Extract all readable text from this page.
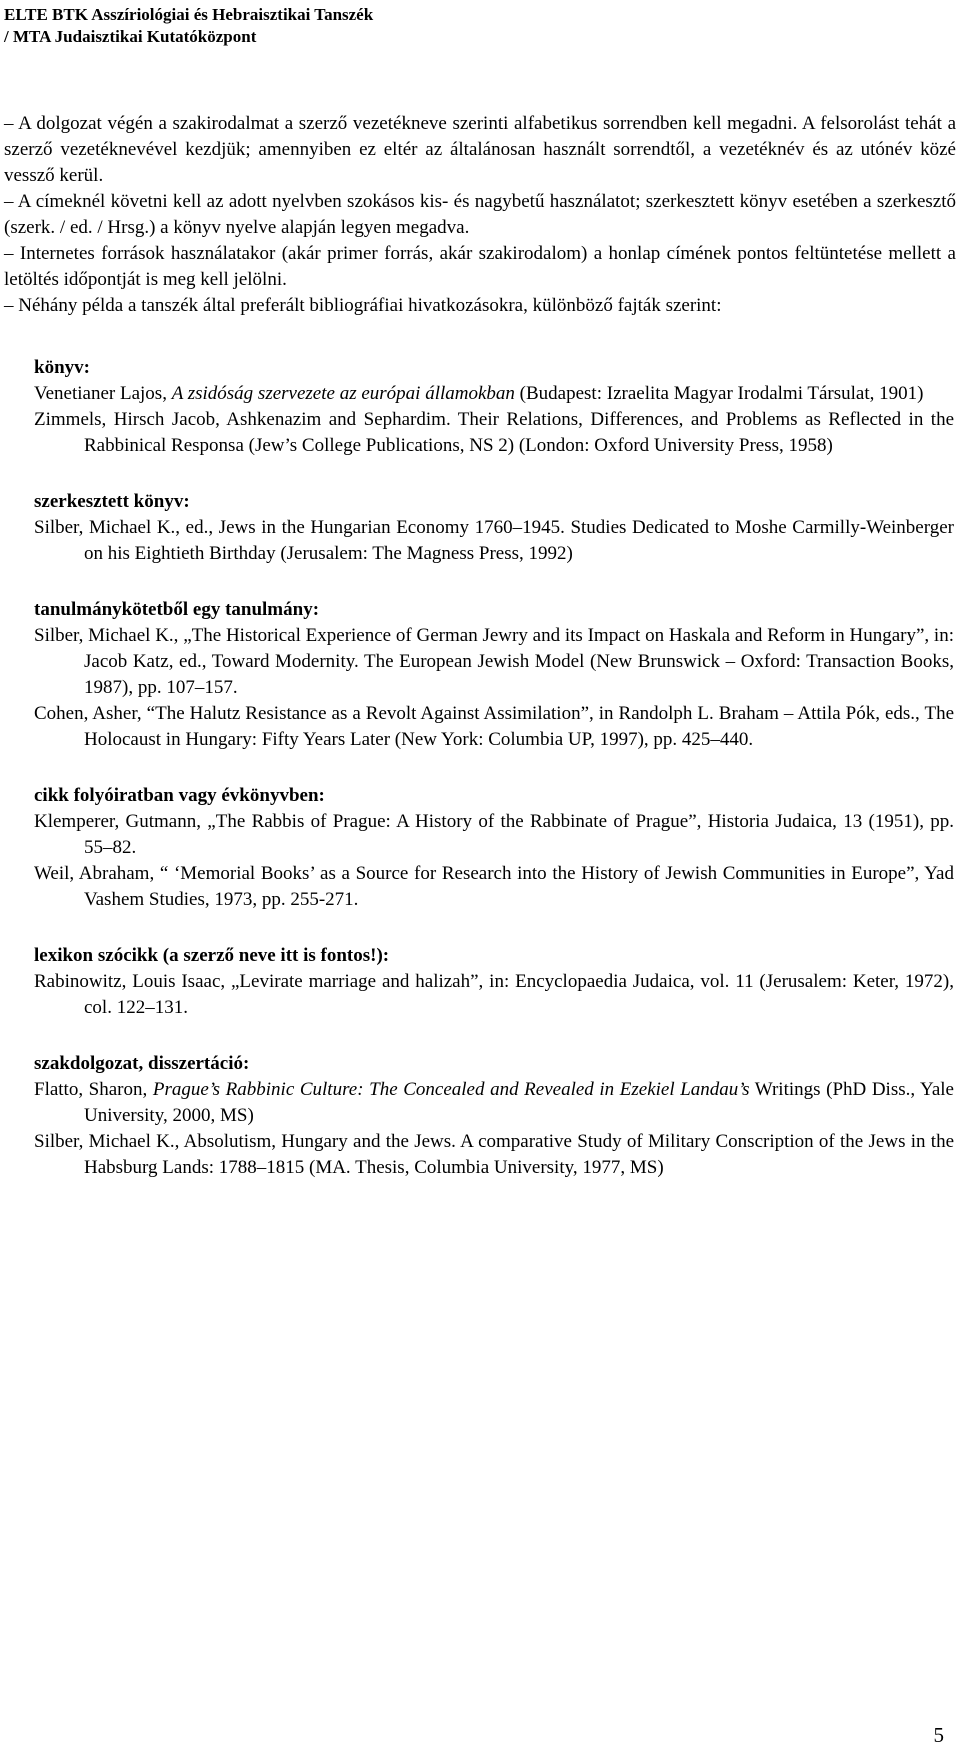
ELTE BTK Asszíriológiai és Hebraisztikai Tanszék
/ MTA Judaisztikai Kutatóközpont

– A dolgozat végén a szakirodalmat a szerző vezetékneve szerinti alfabetikus sorrendben kell megadni. A felsorolást tehát a szerző vezetéknevével kezdjük; amennyiben ez eltér az általánosan használt sorrendtől, a vezetéknév és az utónév közé vessző kerül.

– A címeknél követni kell az adott nyelvben szokásos kis- és nagybetű használatot; szerkesztett könyv esetében a szerkesztő (szerk. / ed. / Hrsg.) a könyv nyelve alapján legyen megadva.

– Internetes források használatakor (akár primer forrás, akár szakirodalom) a honlap címének pontos feltüntetése mellett a letöltés időpontját is meg kell jelölni.

– Néhány példa a tanszék által preferált bibliográfiai hivatkozásokra, különböző fajták szerint:

könyv:

Venetianer Lajos, A zsidóság szervezete az európai államokban (Budapest: Izraelita Magyar Irodalmi Társulat, 1901)

Zimmels, Hirsch Jacob, Ashkenazim and Sephardim. Their Relations, Differences, and Problems as Reflected in the Rabbinical Responsa (Jew’s College Publications, NS 2) (London: Oxford University Press, 1958)

szerkesztett könyv:

Silber, Michael K., ed., Jews in the Hungarian Economy 1760–1945. Studies Dedicated to Moshe Carmilly-Weinberger on his Eightieth Birthday (Jerusalem: The Magness Press, 1992)

tanulmánykötetből egy tanulmány:

Silber, Michael K., „The Historical Experience of German Jewry and its Impact on Haskala and Reform in Hungary”, in: Jacob Katz, ed., Toward Modernity. The European Jewish Model (New Brunswick – Oxford: Transaction Books, 1987), pp. 107–157.

Cohen, Asher, “The Halutz Resistance as a Revolt Against Assimilation”, in Randolph L. Braham – Attila Pók, eds., The Holocaust in Hungary: Fifty Years Later (New York: Columbia UP, 1997), pp. 425–440.

cikk folyóiratban vagy évkönyvben:

Klemperer, Gutmann, „The Rabbis of Prague: A History of the Rabbinate of Prague”, Historia Judaica, 13 (1951), pp. 55–82.

Weil, Abraham, “ ‘Memorial Books’ as a Source for Research into the History of Jewish Communities in Europe”, Yad Vashem Studies, 1973, pp. 255-271.

lexikon szócikk (a szerző neve itt is fontos!):

Rabinowitz, Louis Isaac, „Levirate marriage and halizah”, in: Encyclopaedia Judaica, vol. 11 (Jerusalem: Keter, 1972), col. 122–131.

szakdolgozat, disszertáció:

Flatto, Sharon, Prague’s Rabbinic Culture: The Concealed and Revealed in Ezekiel Landau’s Writings (PhD Diss., Yale University, 2000, MS)

Silber, Michael K., Absolutism, Hungary and the Jews. A comparative Study of Military Conscription of the Jews in the Habsburg Lands: 1788–1815 (MA. Thesis, Columbia University, 1977, MS)

5
